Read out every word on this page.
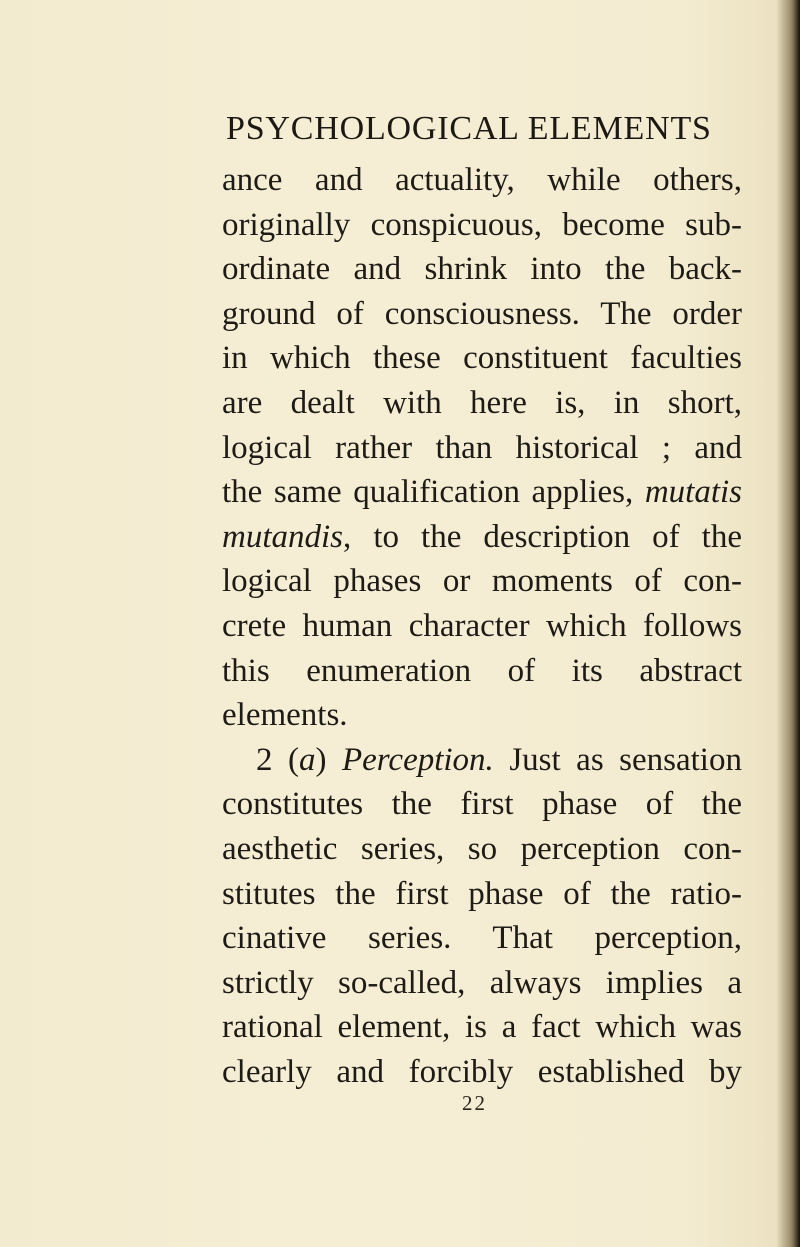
PSYCHOLOGICAL ELEMENTS
ance and actuality, while others,
originally conspicuous, become sub-
ordinate and shrink into the back-
ground of consciousness. The order
in which these constituent faculties
are dealt with here is, in short,
logical rather than historical ; and
the same qualification applies, mutatis
mutandis, to the description of the
logical phases or moments of con-
crete human character which follows
this enumeration of its abstract
elements.
2 (a) Perception. Just as sensation
constitutes the first phase of the
aesthetic series, so perception con-
stitutes the first phase of the ratio-
cinative series. That perception,
strictly so-called, always implies a
rational element, is a fact which was
clearly and forcibly established by
22
